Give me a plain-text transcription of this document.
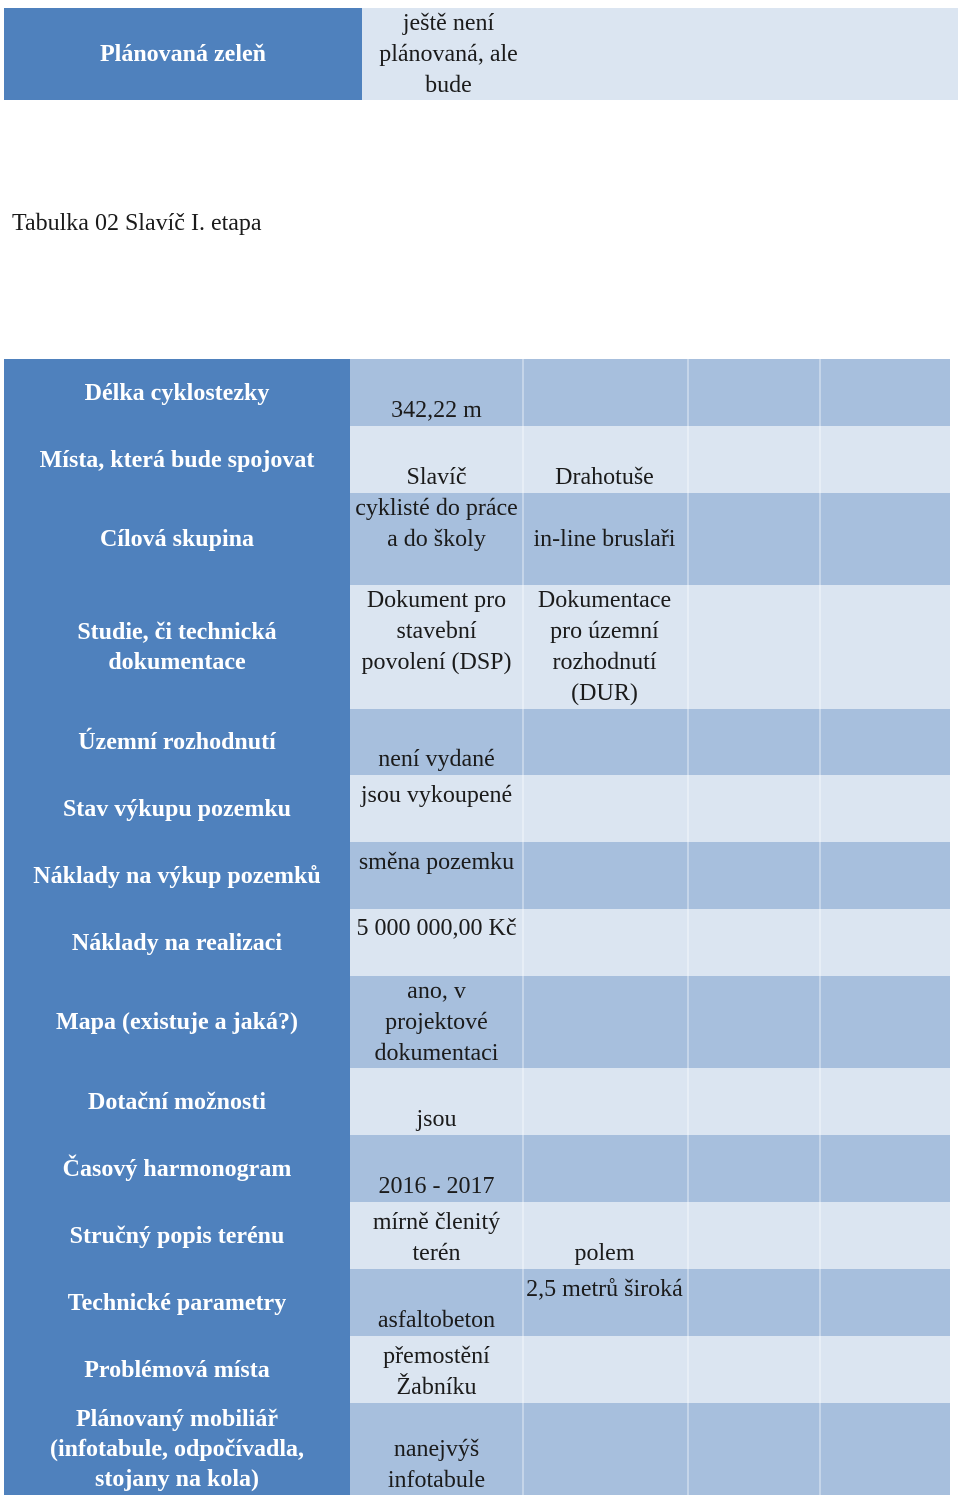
Plánovaná zeleň
ještě není plánovaná, ale bude
Tabulka 02 Slavíč I. etapa
Délka cyklostezky
Místa, která bude spojovat
Cílová skupina
Studie, či technická dokumentace
Územní rozhodnutí
Stav výkupu pozemku
Náklady na výkup pozemků
Náklady na realizaci
Mapa (existuje a jaká?)
Dotační možnosti
Časový harmonogram
Stručný popis terénu
Technické parametry
Problémová místa
Plánovaný mobiliář (infotabule, odpočívadla, stojany na kola)
342,22 m
Slavíč
cyklisté do práce a do školy
Dokument pro stavební povolení (DSP)
není vydané
jsou vykoupené
směna pozemku
5 000 000,00 Kč
ano, v projektové dokumentaci
jsou
2016 - 2017
mírně členitý terén
asfaltobeton
přemostění Žabníku
nanejvýš infotabule
Drahotuše
in-line bruslaři
Dokumentace pro územní rozhodnutí (DUR)
polem
2,5 metrů široká
